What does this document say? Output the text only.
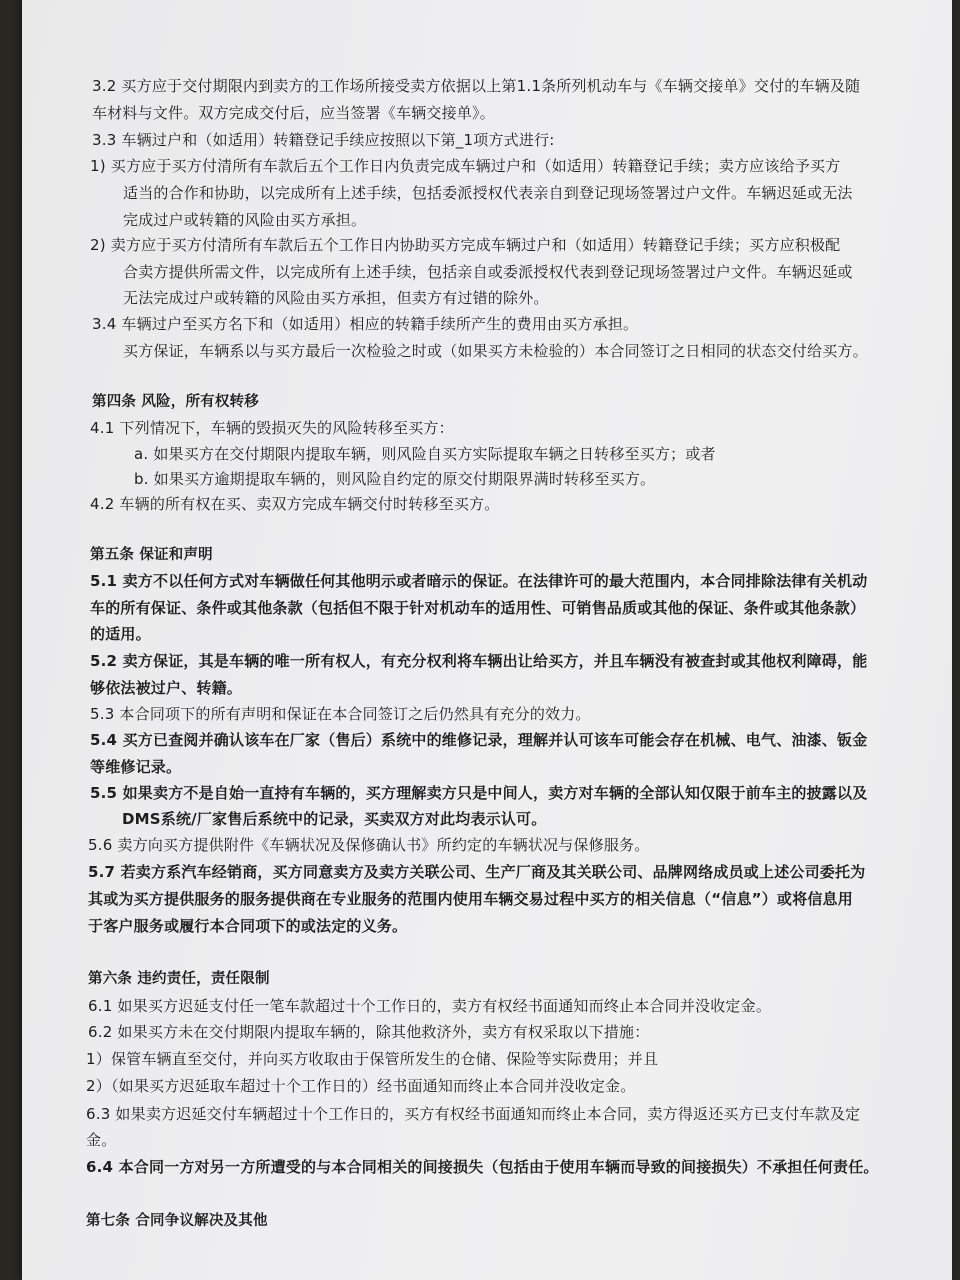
3.2 买方应于交付期限内到卖方的工作场所接受卖方依据以上第1.1条所列机动车与《车辆交接单》交付的车辆及随
车材料与文件。双方完成交付后，应当签署《车辆交接单》。
3.3 车辆过户和（如适用）转籍登记手续应按照以下第_1项方式进行:
1) 买方应于买方付清所有车款后五个工作日内负责完成车辆过户和（如适用）转籍登记手续；卖方应该给予买方
适当的合作和协助，以完成所有上述手续，包括委派授权代表亲自到登记现场签署过户文件。车辆迟延或无法
完成过户或转籍的风险由买方承担。
2) 卖方应于买方付清所有车款后五个工作日内协助买方完成车辆过户和（如适用）转籍登记手续；买方应积极配
合卖方提供所需文件，以完成所有上述手续，包括亲自或委派授权代表到登记现场签署过户文件。车辆迟延或
无法完成过户或转籍的风险由买方承担，但卖方有过错的除外。
3.4 车辆过户至买方名下和（如适用）相应的转籍手续所产生的费用由买方承担。
买方保证，车辆系以与买方最后一次检验之时或（如果买方未检验的）本合同签订之日相同的状态交付给买方。
第四条 风险，所有权转移
4.1 下列情况下，车辆的毁损灭失的风险转移至买方：
a. 如果买方在交付期限内提取车辆，则风险自买方实际提取车辆之日转移至买方；或者
b. 如果买方逾期提取车辆的，则风险自约定的原交付期限界满时转移至买方。
4.2 车辆的所有权在买、卖双方完成车辆交付时转移至买方。
第五条 保证和声明
5.1 卖方不以任何方式对车辆做任何其他明示或者暗示的保证。在法律许可的最大范围内，本合同排除法律有关机动
车的所有保证、条件或其他条款（包括但不限于针对机动车的适用性、可销售品质或其他的保证、条件或其他条款）
的适用。
5.2 卖方保证，其是车辆的唯一所有权人，有充分权利将车辆出让给买方，并且车辆没有被查封或其他权利障碍，能
够依法被过户、转籍。
5.3 本合同项下的所有声明和保证在本合同签订之后仍然具有充分的效力。
5.4 买方已查阅并确认该车在厂家（售后）系统中的维修记录，理解并认可该车可能会存在机械、电气、油漆、钣金
等维修记录。
5.5 如果卖方不是自始一直持有车辆的，买方理解卖方只是中间人，卖方对车辆的全部认知仅限于前车主的披露以及
DMS系统/厂家售后系统中的记录，买卖双方对此均表示认可。
5.6 卖方向买方提供附件《车辆状况及保修确认书》所约定的车辆状况与保修服务。
5.7 若卖方系汽车经销商，买方同意卖方及卖方关联公司、生产厂商及其关联公司、品牌网络成员或上述公司委托为
其或为买方提供服务的服务提供商在专业服务的范围内使用车辆交易过程中买方的相关信息（“信息”）或将信息用
于客户服务或履行本合同项下的或法定的义务。
第六条 违约责任，责任限制
6.1 如果买方迟延支付任一笔车款超过十个工作日的，卖方有权经书面通知而终止本合同并没收定金。
6.2 如果买方未在交付期限内提取车辆的，除其他救济外，卖方有权采取以下措施：
1）保管车辆直至交付，并向买方收取由于保管所发生的仓储、保险等实际费用；并且
2）（如果买方迟延取车超过十个工作日的）经书面通知而终止本合同并没收定金。
6.3 如果卖方迟延交付车辆超过十个工作日的，买方有权经书面通知而终止本合同，卖方得返还买方已支付车款及定
金。
6.4 本合同一方对另一方所遭受的与本合同相关的间接损失（包括由于使用车辆而导致的间接损失）不承担任何责任。
第七条 合同争议解决及其他
